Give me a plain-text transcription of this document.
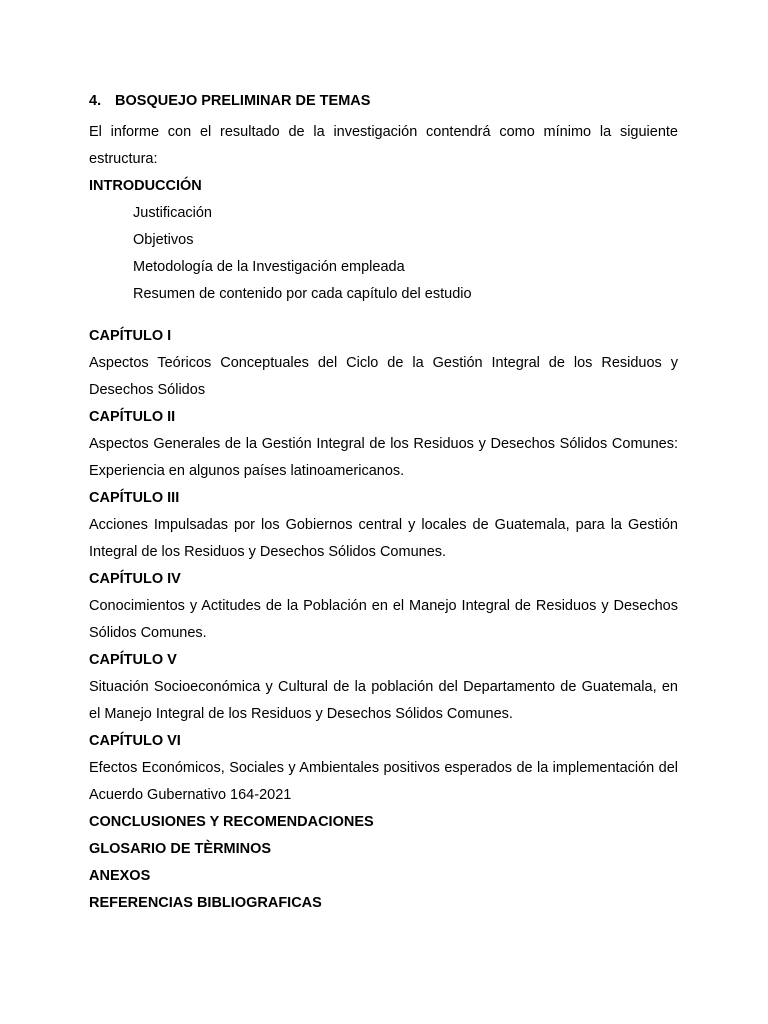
4. BOSQUEJO PRELIMINAR DE TEMAS

El informe con el resultado de la investigación contendrá como mínimo la siguiente estructura:

INTRODUCCIÓN

Justificación
Objetivos
Metodología de la Investigación empleada
Resumen de contenido por cada capítulo del estudio

CAPÍTULO I

Aspectos Teóricos Conceptuales del Ciclo de la Gestión Integral de los Residuos y Desechos Sólidos

CAPÍTULO II

Aspectos Generales de la Gestión Integral de los Residuos y Desechos Sólidos Comunes: Experiencia en algunos países latinoamericanos.

CAPÍTULO III

Acciones Impulsadas por los Gobiernos central y locales de Guatemala, para la Gestión Integral de los Residuos y Desechos Sólidos Comunes.

CAPÍTULO IV

Conocimientos y Actitudes de la Población en el Manejo Integral de Residuos y Desechos Sólidos Comunes.

CAPÍTULO V

Situación Socioeconómica y Cultural de la población del Departamento de Guatemala, en el Manejo Integral de los Residuos y Desechos Sólidos Comunes.

CAPÍTULO VI

Efectos Económicos, Sociales y Ambientales positivos esperados de la implementación del Acuerdo Gubernativo 164-2021

CONCLUSIONES Y RECOMENDACIONES

GLOSARIO DE TÈRMINOS

ANEXOS

REFERENCIAS BIBLIOGRAFICAS
